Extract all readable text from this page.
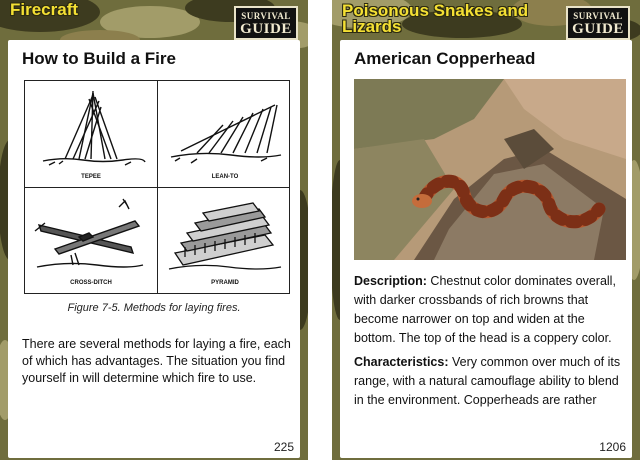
Firecraft	SURVIVAL
GUIDE
How to Build a Fire
TEPEE	LEAN-TO
CROSS-DITCH	PYRAMID
Figure 7-5. Methods for laying fires.
There are several methods for laying a fire, each of which has advantages. The situation you find yourself in will determine which fire to use.
225
Poisonous Snakes and Lizards
SURVIVAL
GUIDE
American Copperhead

Description: Chestnut color dominates overall, with darker crossbands of rich browns that become narrower on top and widen at the bottom. The top of the head is a coppery color.

Characteristics: Very common over much of its range, with a natural camouflage ability to blend in the environment. Copperheads are rather

1206
